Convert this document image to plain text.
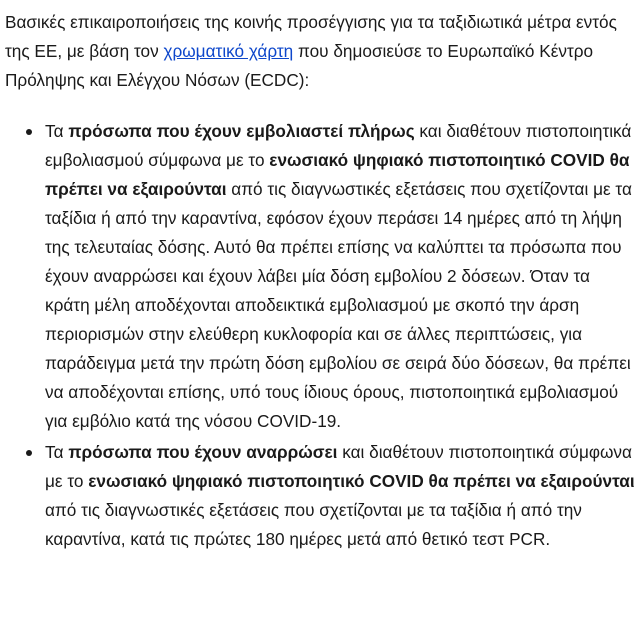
Βασικές επικαιροποιήσεις της κοινής προσέγγισης για τα ταξιδιωτικά μέτρα εντός της ΕΕ, με βάση τον χρωματικό χάρτη που δημοσιεύσε το Ευρωπαϊκό Κέντρο Πρόληψης και Ελέγχου Νόσων (ECDC):

Τα πρόσωπα που έχουν εμβολιαστεί πλήρως και διαθέτουν πιστοποιητικά εμβολιασμού σύμφωνα με το ενωσιακό ψηφιακό πιστοποιητικό COVID θα πρέπει να εξαιρούνται από τις διαγνωστικές εξετάσεις που σχετίζονται με τα ταξίδια ή από την καραντίνα, εφόσον έχουν περάσει 14 ημέρες από τη λήψη της τελευταίας δόσης. Αυτό θα πρέπει επίσης να καλύπτει τα πρόσωπα που έχουν αναρρώσει και έχουν λάβει μία δόση εμβολίου 2 δόσεων. Όταν τα κράτη μέλη αποδέχονται αποδεικτικά εμβολιασμού με σκοπό την άρση περιορισμών στην ελεύθερη κυκλοφορία και σε άλλες περιπτώσεις, για παράδειγμα μετά την πρώτη δόση εμβολίου σε σειρά δύο δόσεων, θα πρέπει να αποδέχονται επίσης, υπό τους ίδιους όρους, πιστοποιητικά εμβολιασμού για εμβόλιο κατά της νόσου COVID-19.
Τα πρόσωπα που έχουν αναρρώσει και διαθέτουν πιστοποιητικά σύμφωνα με το ενωσιακό ψηφιακό πιστοποιητικό COVID θα πρέπει να εξαιρούνται από τις διαγνωστικές εξετάσεις που σχετίζονται με τα ταξίδια ή από την καραντίνα, κατά τις πρώτες 180 ημέρες μετά από θετικό τεστ PCR.
